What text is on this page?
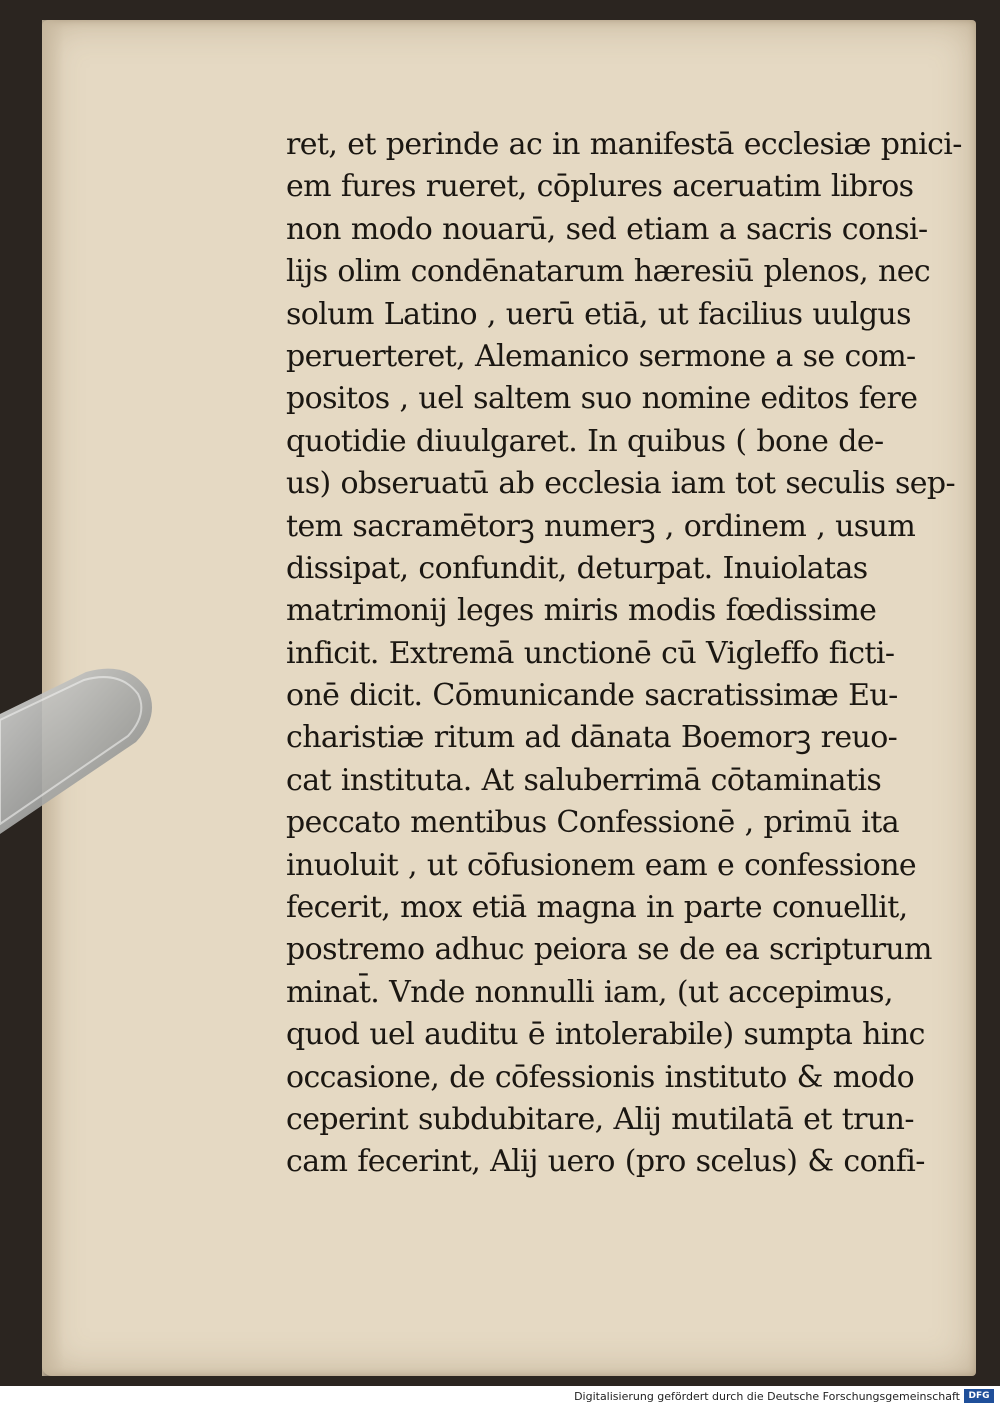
ret, et perinde ac in manifestā ecclesiæ pnici-
em fures rueret, cōplures aceruatim libros
non modo nouarū, sed etiam a sacris consi-
lijs olim condēnatarum hæresiū plenos, nec
solum Latino , uerū etiā, ut facilius uulgus
peruerteret, Alemanico sermone a se com-
positos , uel saltem suo nomine editos fere
quotidie diuulgaret. In quibus ( bone de-
us) obseruatū ab ecclesia iam tot seculis sep-
tem sacramētorꝫ numerꝫ , ordinem , usum
dissipat, confundit, deturpat. Inuiolatas
matrimonij leges miris modis fœdissime
inficit. Extremā unctionē cū Vigleffo ficti-
onē dicit. Cōmunicande sacratissimæ Eu-
charistiæ ritum ad dānata Boemorꝫ reuo-
cat instituta. At saluberrimā cōtaminatis
peccato mentibus Confessionē , primū ita
inuoluit , ut cōfusionem eam e confessione
fecerit, mox etiā magna in parte conuellit,
postremo adhuc peiora se de ea scripturum
minat̄. Vnde nonnulli iam, (ut accepimus,
quod uel auditu ē intolerabile) sumpta hinc
occasione, de cōfessionis instituto & modo
ceperint subdubitare, Alij mutilatā et trun-
cam fecerint, Alij uero (pro scelus) & confi-
Digitalisierung gefördert durch die Deutsche Forschungsgemeinschaft DFG
